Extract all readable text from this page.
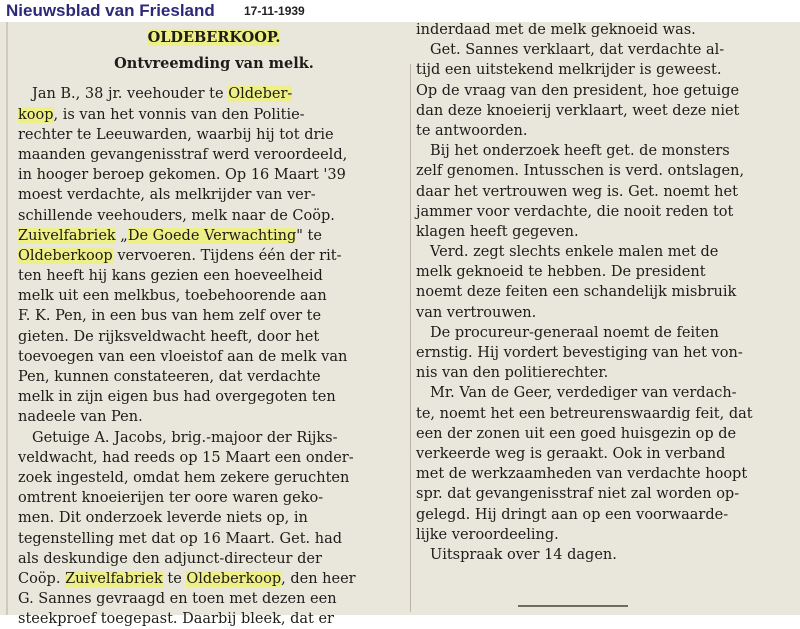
Nieuwsblad van Friesland 17-11-1939
OLDEBERKOOP.
Ontvreemding van melk.
Jan B., 38 jr. veehouder te Oldeber-
koop, is van het vonnis van den Politie-
rechter te Leeuwarden, waarbij hij tot drie
maanden gevangenisstraf werd veroordeeld,
in hooger beroep gekomen. Op 16 Maart '39
moest verdachte, als melkrijder van ver-
schillende veehouders, melk naar de Coöp.
Zuivelfabriek „De Goede Verwachting" te
Oldeberkoop vervoeren. Tijdens één der rit-
ten heeft hij kans gezien een hoeveelheid
melk uit een melkbus, toebehoorende aan
F. K. Pen, in een bus van hem zelf over te
gieten. De rijksveldwacht heeft, door het
toevoegen van een vloeistof aan de melk van
Pen, kunnen constateeren, dat verdachte
melk in zijn eigen bus had overgegoten ten
nadeele van Pen.
Getuige A. Jacobs, brig.-majoor der Rijks-
veldwacht, had reeds op 15 Maart een onder-
zoek ingesteld, omdat hem zekere geruchten
omtrent knoeierijen ter oore waren geko-
men. Dit onderzoek leverde niets op, in
tegenstelling met dat op 16 Maart. Get. had
als deskundige den adjunct-directeur der
Coöp. Zuivelfabriek te Oldeberkoop, den heer
G. Sannes gevraagd en toen met dezen een
steekproef toegepast. Daarbij bleek, dat er
inderdaad met de melk geknoeid was.
Get. Sannes verklaart, dat verdachte al-
tijd een uitstekend melkrijder is geweest.
Op de vraag van den president, hoe getuige
dan deze knoeierij verklaart, weet deze niet
te antwoorden.
Bij het onderzoek heeft get. de monsters
zelf genomen. Intusschen is verd. ontslagen,
daar het vertrouwen weg is. Get. noemt het
jammer voor verdachte, die nooit reden tot
klagen heeft gegeven.
Verd. zegt slechts enkele malen met de
melk geknoeid te hebben. De president
noemt deze feiten een schandelijk misbruik
van vertrouwen.
De procureur-generaal noemt de feiten
ernstig. Hij vordert bevestiging van het von-
nis van den politierechter.
Mr. Van de Geer, verdediger van verdach-
te, noemt het een betreurenswaardig feit, dat
een der zonen uit een goed huisgezin op de
verkeerde weg is geraakt. Ook in verband
met de werkzaamheden van verdachte hoopt
spr. dat gevangenisstraf niet zal worden op-
gelegd. Hij dringt aan op een voorwaarde-
lijke veroordeeling.
Uitspraak over 14 dagen.
